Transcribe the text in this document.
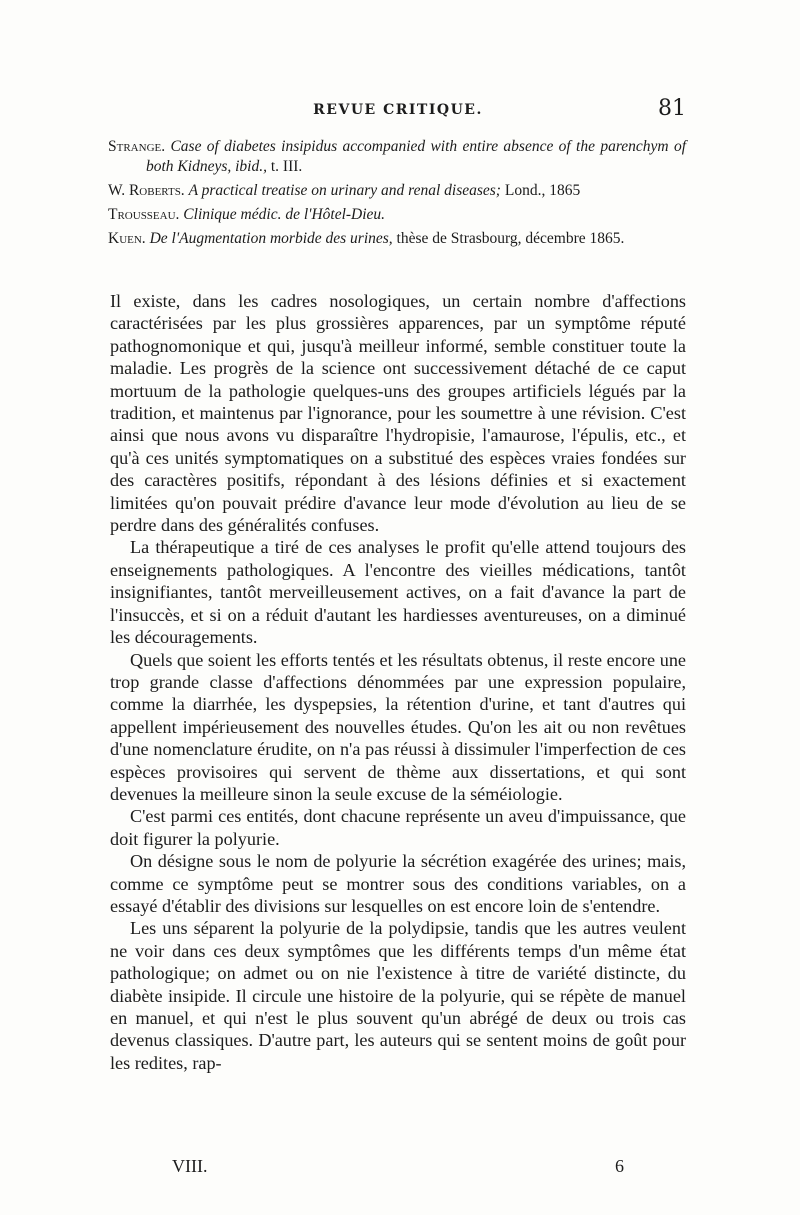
REVUE CRITIQUE.	81

Strange. Case of diabetes insipidus accompanied with entire absence of the parenchym of both Kidneys, ibid., t. III.

W. Roberts. A practical treatise on urinary and renal diseases; Lond., 1865

Trousseau. Clinique médic. de l'Hôtel-Dieu.

Kuen. De l'Augmentation morbide des urines, thèse de Strasbourg, décembre 1865.

Il existe, dans les cadres nosologiques, un certain nombre d'affections caractérisées par les plus grossières apparences, par un symptôme réputé pathognomonique et qui, jusqu'à meilleur informé, semble constituer toute la maladie. Les progrès de la science ont successivement détaché de ce caput mortuum de la pathologie quelques-uns des groupes artificiels légués par la tradition, et maintenus par l'ignorance, pour les soumettre à une révision. C'est ainsi que nous avons vu disparaître l'hydropisie, l'amaurose, l'épulis, etc., et qu'à ces unités symptomatiques on a substitué des espèces vraies fondées sur des caractères positifs, répondant à des lésions définies et si exactement limitées qu'on pouvait prédire d'avance leur mode d'évolution au lieu de se perdre dans des généralités confuses.

La thérapeutique a tiré de ces analyses le profit qu'elle attend toujours des enseignements pathologiques. A l'encontre des vieilles médications, tantôt insignifiantes, tantôt merveilleusement actives, on a fait d'avance la part de l'insuccès, et si on a réduit d'autant les hardiesses aventureuses, on a diminué les découragements.

Quels que soient les efforts tentés et les résultats obtenus, il reste encore une trop grande classe d'affections dénommées par une expression populaire, comme la diarrhée, les dyspepsies, la rétention d'urine, et tant d'autres qui appellent impérieusement des nouvelles études. Qu'on les ait ou non revêtues d'une nomenclature érudite, on n'a pas réussi à dissimuler l'imperfection de ces espèces provisoires qui servent de thème aux dissertations, et qui sont devenues la meilleure sinon la seule excuse de la séméiologie.

C'est parmi ces entités, dont chacune représente un aveu d'impuissance, que doit figurer la polyurie.

On désigne sous le nom de polyurie la sécrétion exagérée des urines; mais, comme ce symptôme peut se montrer sous des conditions variables, on a essayé d'établir des divisions sur lesquelles on est encore loin de s'entendre.

Les uns séparent la polyurie de la polydipsie, tandis que les autres veulent ne voir dans ces deux symptômes que les différents temps d'un même état pathologique; on admet ou on nie l'existence à titre de variété distincte, du diabète insipide. Il circule une histoire de la polyurie, qui se répète de manuel en manuel, et qui n'est le plus souvent qu'un abrégé de deux ou trois cas devenus classiques. D'autre part, les auteurs qui se sentent moins de goût pour les redites, rap-

VIII.	6
